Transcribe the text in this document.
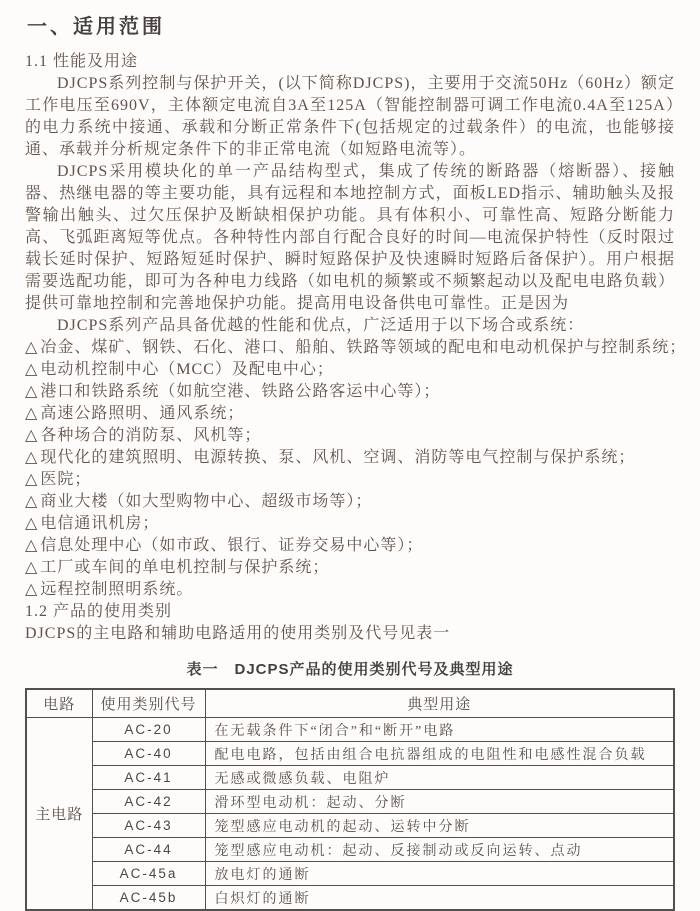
一、适用范围
1.1 性能及用途

DJCPS系列控制与保护开关，(以下简称DJCPS)，主要用于交流50Hz（60Hz）额定工作电压至690V，主体额定电流自3A至125A（智能控制器可调工作电流0.4A至125A）的电力系统中接通、承载和分断正常条件下(包括规定的过载条件）的电流，也能够接通、承载并分析规定条件下的非正常电流（如短路电流等）。

DJCPS采用模块化的单一产品结构型式，集成了传统的断路器（熔断器）、接触器、热继电器的等主要功能，具有远程和本地控制方式，面板LED指示、辅助触头及报警输出触头、过欠压保护及断缺相保护功能。具有体积小、可靠性高、短路分断能力高、飞弧距离短等优点。各种特性内部自行配合良好的时间—电流保护特性（反时限过载长延时保护、短路短延时保护、瞬时短路保护及快速瞬时短路后备保护）。用户根据需要选配功能，即可为各种电力线路（如电机的频繁或不频繁起动以及配电电路负载）提供可靠地控制和完善地保护功能。提高用电设备供电可靠性。正是因为

DJCPS系列产品具备优越的性能和优点，广泛适用于以下场合或系统：

△ 冶金、煤矿、钢铁、石化、港口、船舶、铁路等领域的配电和电动机保护与控制系统；
△ 电动机控制中心（MCC）及配电中心；
△ 港口和铁路系统（如航空港、铁路公路客运中心等）；
△ 高速公路照明、通风系统；
△ 各种场合的消防泵、风机等；
△ 现代化的建筑照明、电源转换、泵、风机、空调、消防等电气控制与保护系统；
△ 医院；
△ 商业大楼（如大型购物中心、超级市场等）；
△ 电信通讯机房；
△ 信息处理中心（如市政、银行、证券交易中心等）；
△ 工厂或车间的单电机控制与保护系统；
△ 远程控制照明系统。
1.2 产品的使用类别
DJCPS的主电路和辅助电路适用的使用类别及代号见表一
表一　DJCPS产品的使用类别代号及典型用途
电路	使用类别代号	典型用途
主电路	AC-20	在无载条件下“闭合”和“断开”电路
	AC-40	配电电路，包括由组合电抗器组成的电阻性和电感性混合负载
	AC-41	无感或微感负载、电阻炉
	AC-42	滑环型电动机：起动、分断
	AC-43	笼型感应电动机的起动、运转中分断
	AC-44	笼型感应电动机：起动、反接制动或反向运转、点动
	AC-45a	放电灯的通断
	AC-45b	白炽灯的通断
